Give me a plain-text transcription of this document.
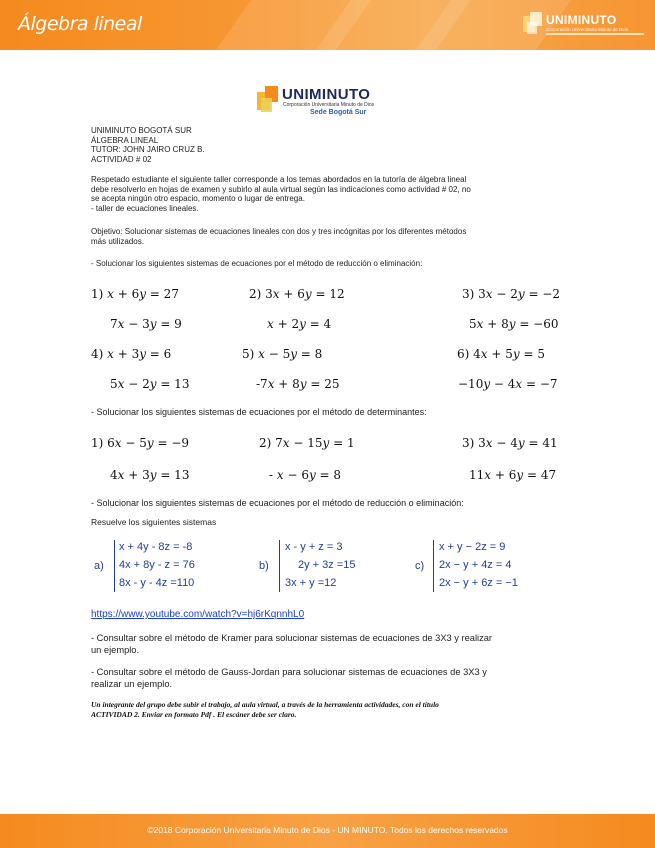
Álgebra lineal	UNIMINUTO
Corporación Universitaria Minuto de Dios
UNIMINUTO
Corporación Universitaria Minuto de Dios
Sede Bogotá Sur
UNIMINUTO BOGOTÁ SUR
ÁLGEBRA LINEAL
TUTOR: JOHN JAIRO CRUZ B.
ACTIVIDAD # 02
Respetado estudiante el siguiente taller corresponde a los temas abordados en la tutoría de álgebra lineal
debe resolverlo en hojas de examen y subirlo al aula virtual según las indicaciones como actividad # 02, no
se acepta ningún otro espacio, momento o lugar de entrega.
- taller de ecuaciones lineales.
Objetivo: Solucionar sistemas de ecuaciones lineales con dos y tres incógnitas por los diferentes métodos
más utilizados.
- Solucionar los siguientes sistemas de ecuaciones por el método de reducción o eliminación:
1) 𝑥 + 6𝑦 = 27
7𝑥 − 3𝑦 = 9
2) 3𝑥 + 6𝑦 = 12
𝑥 + 2𝑦 = 4
3) 3𝑥 − 2𝑦 = −2
5𝑥 + 8𝑦 = −60
4) 𝑥 + 3𝑦 = 6
5𝑥 − 2𝑦 = 13
5) 𝑥 − 5𝑦 = 8
-7𝑥 + 8𝑦 = 25
6) 4𝑥 + 5𝑦 = 5
−10𝑦 − 4𝑥 = −7
- Solucionar los siguientes sistemas de ecuaciones por el método de determinantes:
1) 6𝑥 − 5𝑦 = −9
4𝑥 + 3𝑦 = 13
2) 7𝑥 − 15𝑦 = 1
- 𝑥 − 6𝑦 = 8
3) 3𝑥 − 4𝑦 = 41
11𝑥 + 6𝑦 = 47
- Solucionar los siguientes sistemas de ecuaciones por el método de reducción o eliminación:
Resuelve los siguientes sistemas
a)
x + 4y - 8z = -8
4x + 8y - z = 76
8x - y - 4z =110
b)
x - y + z = 3
2y + 3z =15
3x + y =12
c)
x + y − 2z = 9
2x − y + 4z = 4
2x − y + 6z = −1
https://www.youtube.com/watch?v=hj6rKqnnhL0
- Consultar sobre el método de Kramer para solucionar sistemas de ecuaciones de 3X3 y realizar
un ejemplo.
- Consultar sobre el método de Gauss-Jordan para solucionar sistemas de ecuaciones de 3X3 y
realizar un ejemplo.
Un integrante del grupo debe subir el trabajo, al aula virtual, a través de la herramienta actividades, con el título
ACTIVIDAD 2. Enviar en formato Pdf . El escáner debe ser claro.
©2018 Corporación Universitaria Minuto de Dios - UN MINUTO. Todos los derechos reservados
